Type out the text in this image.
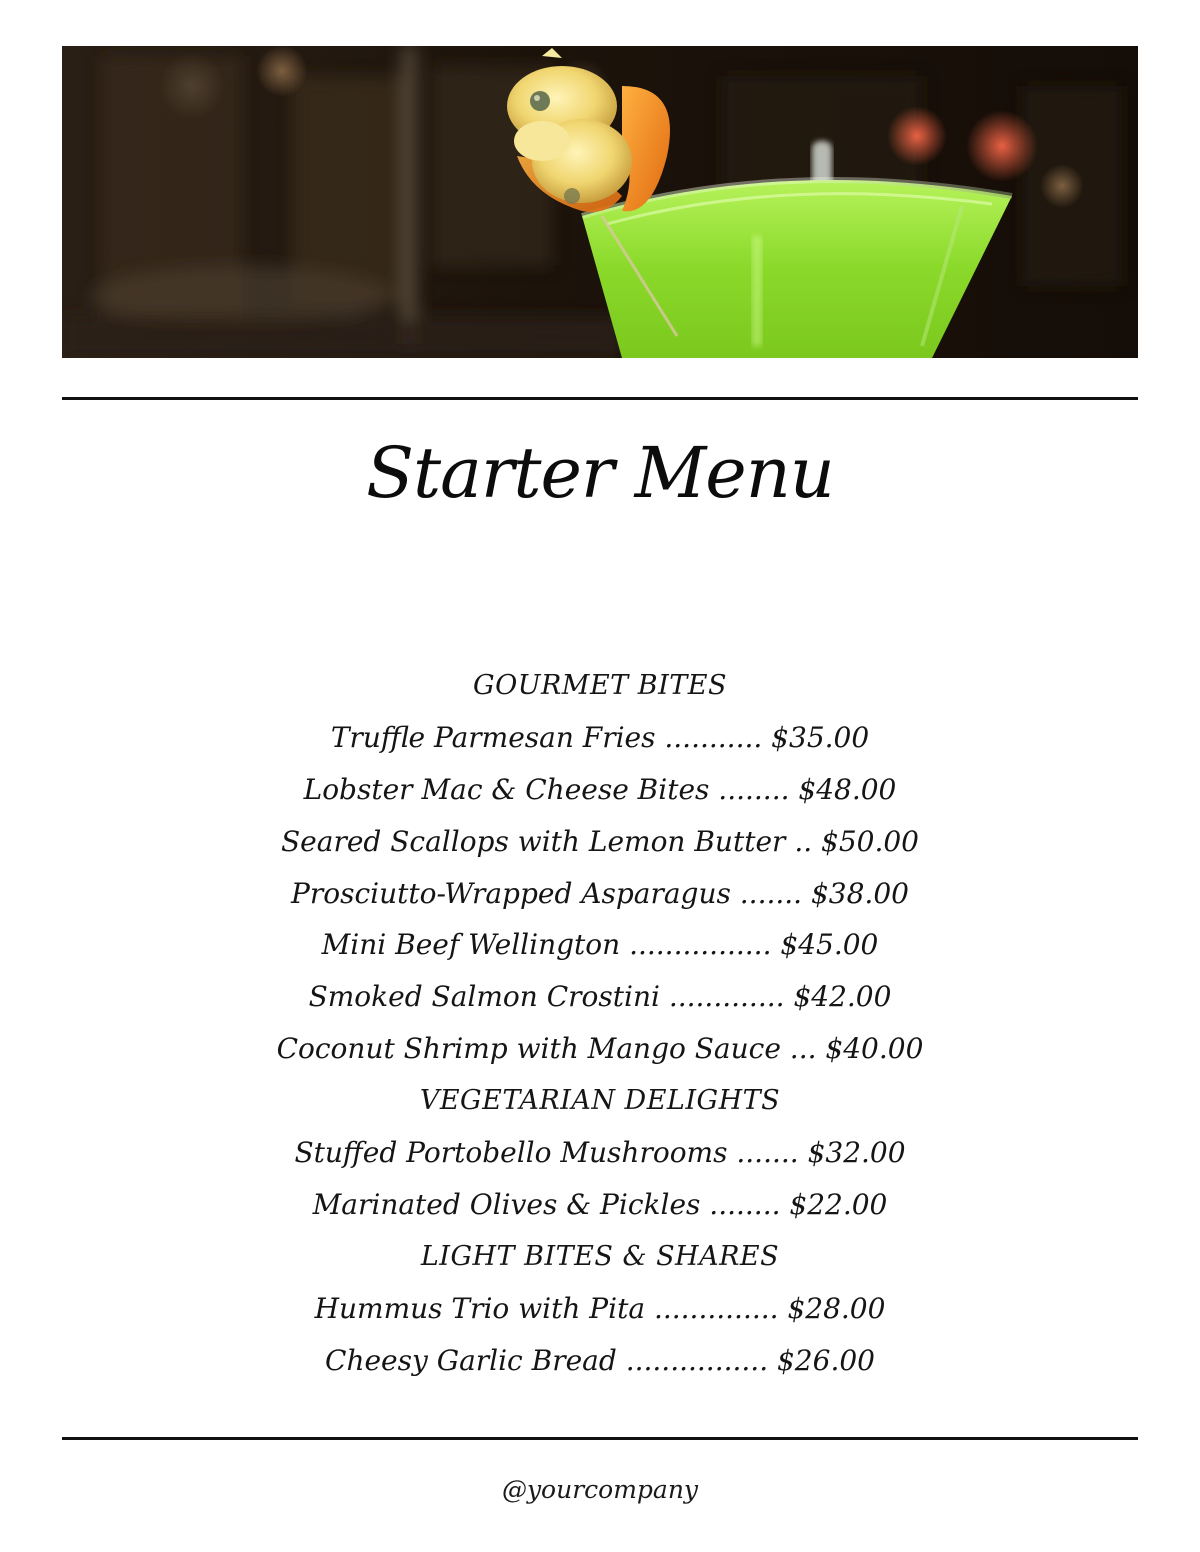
Starter Menu
GOURMET BITES
Truffle Parmesan Fries ........... $35.00
Lobster Mac & Cheese Bites ........ $48.00
Seared Scallops with Lemon Butter .. $50.00
Prosciutto-Wrapped Asparagus ....... $38.00
Mini Beef Wellington ................ $45.00
Smoked Salmon Crostini ............. $42.00
Coconut Shrimp with Mango Sauce ... $40.00
VEGETARIAN DELIGHTS
Stuffed Portobello Mushrooms ....... $32.00
Marinated Olives & Pickles ........ $22.00
LIGHT BITES & SHARES
Hummus Trio with Pita .............. $28.00
Cheesy Garlic Bread ................ $26.00
@yourcompany
